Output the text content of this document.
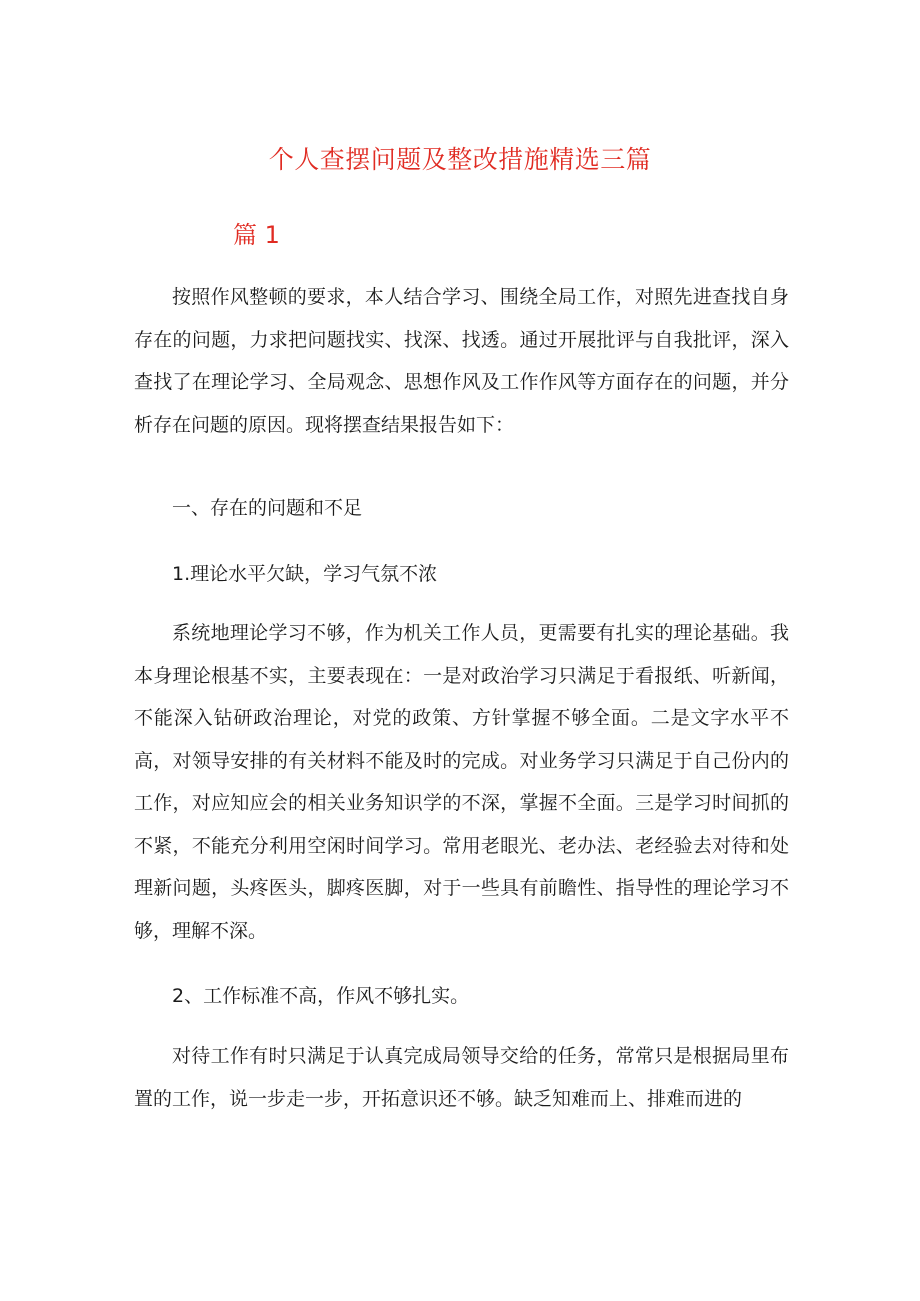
个人查摆问题及整改措施精选三篇
篇 1

按照作风整顿的要求，本人结合学习、围绕全局工作，对照先进查找自身存在的问题，力求把问题找实、找深、找透。通过开展批评与自我批评，深入查找了在理论学习、全局观念、思想作风及工作作风等方面存在的问题，并分析存在问题的原因。现将摆查结果报告如下：

一、存在的问题和不足

1.理论水平欠缺，学习气氛不浓

系统地理论学习不够，作为机关工作人员，更需要有扎实的理论基础。我本身理论根基不实，主要表现在：一是对政治学习只满足于看报纸、听新闻，不能深入钻研政治理论，对党的政策、方针掌握不够全面。二是文字水平不高，对领导安排的有关材料不能及时的完成。对业务学习只满足于自己份内的工作，对应知应会的相关业务知识学的不深，掌握不全面。三是学习时间抓的不紧，不能充分利用空闲时间学习。常用老眼光、老办法、老经验去对待和处理新问题，头疼医头，脚疼医脚，对于一些具有前瞻性、指导性的理论学习不够，理解不深。

2、工作标准不高，作风不够扎实。

对待工作有时只满足于认真完成局领导交给的任务，常常只是根据局里布置的工作，说一步走一步，开拓意识还不够。缺乏知难而上、排难而进的
